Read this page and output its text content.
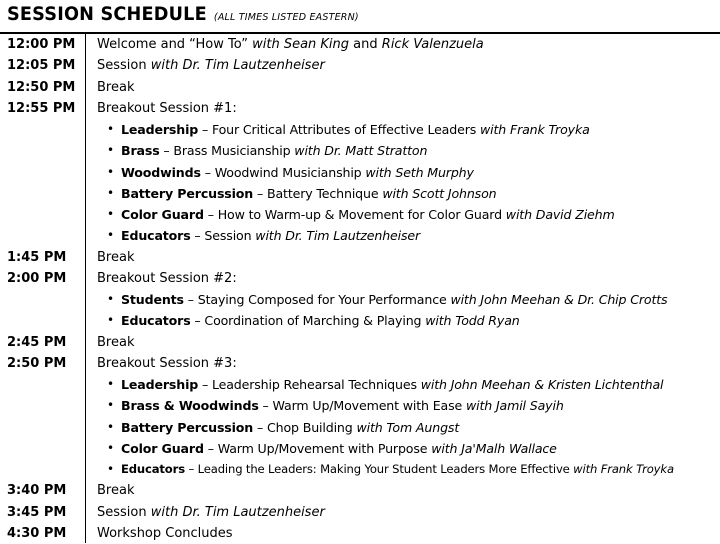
SESSION SCHEDULE (ALL TIMES LISTED EASTERN)
12:00 PM Welcome and “How To” with Sean King and Rick Valenzuela
12:05 PM Session with Dr. Tim Lautzenheiser
12:50 PM Break
12:55 PM Breakout Session #1:
• Leadership – Four Critical Attributes of Effective Leaders with Frank Troyka
• Brass – Brass Musicianship with Dr. Matt Stratton
• Woodwinds – Woodwind Musicianship with Seth Murphy
• Battery Percussion – Battery Technique with Scott Johnson
• Color Guard – How to Warm-up & Movement for Color Guard with David Ziehm
• Educators – Session with Dr. Tim Lautzenheiser
1:45 PM Break
2:00 PM Breakout Session #2:
• Students – Staying Composed for Your Performance with John Meehan & Dr. Chip Crotts
• Educators – Coordination of Marching & Playing with Todd Ryan
2:45 PM Break
2:50 PM Breakout Session #3:
• Leadership – Leadership Rehearsal Techniques with John Meehan & Kristen Lichtenthal
• Brass & Woodwinds – Warm Up/Movement with Ease with Jamil Sayih
• Battery Percussion – Chop Building with Tom Aungst
• Color Guard – Warm Up/Movement with Purpose with Ja'Malh Wallace
• Educators – Leading the Leaders: Making Your Student Leaders More Effective with Frank Troyka
3:40 PM Break
3:45 PM Session with Dr. Tim Lautzenheiser
4:30 PM Workshop Concludes
